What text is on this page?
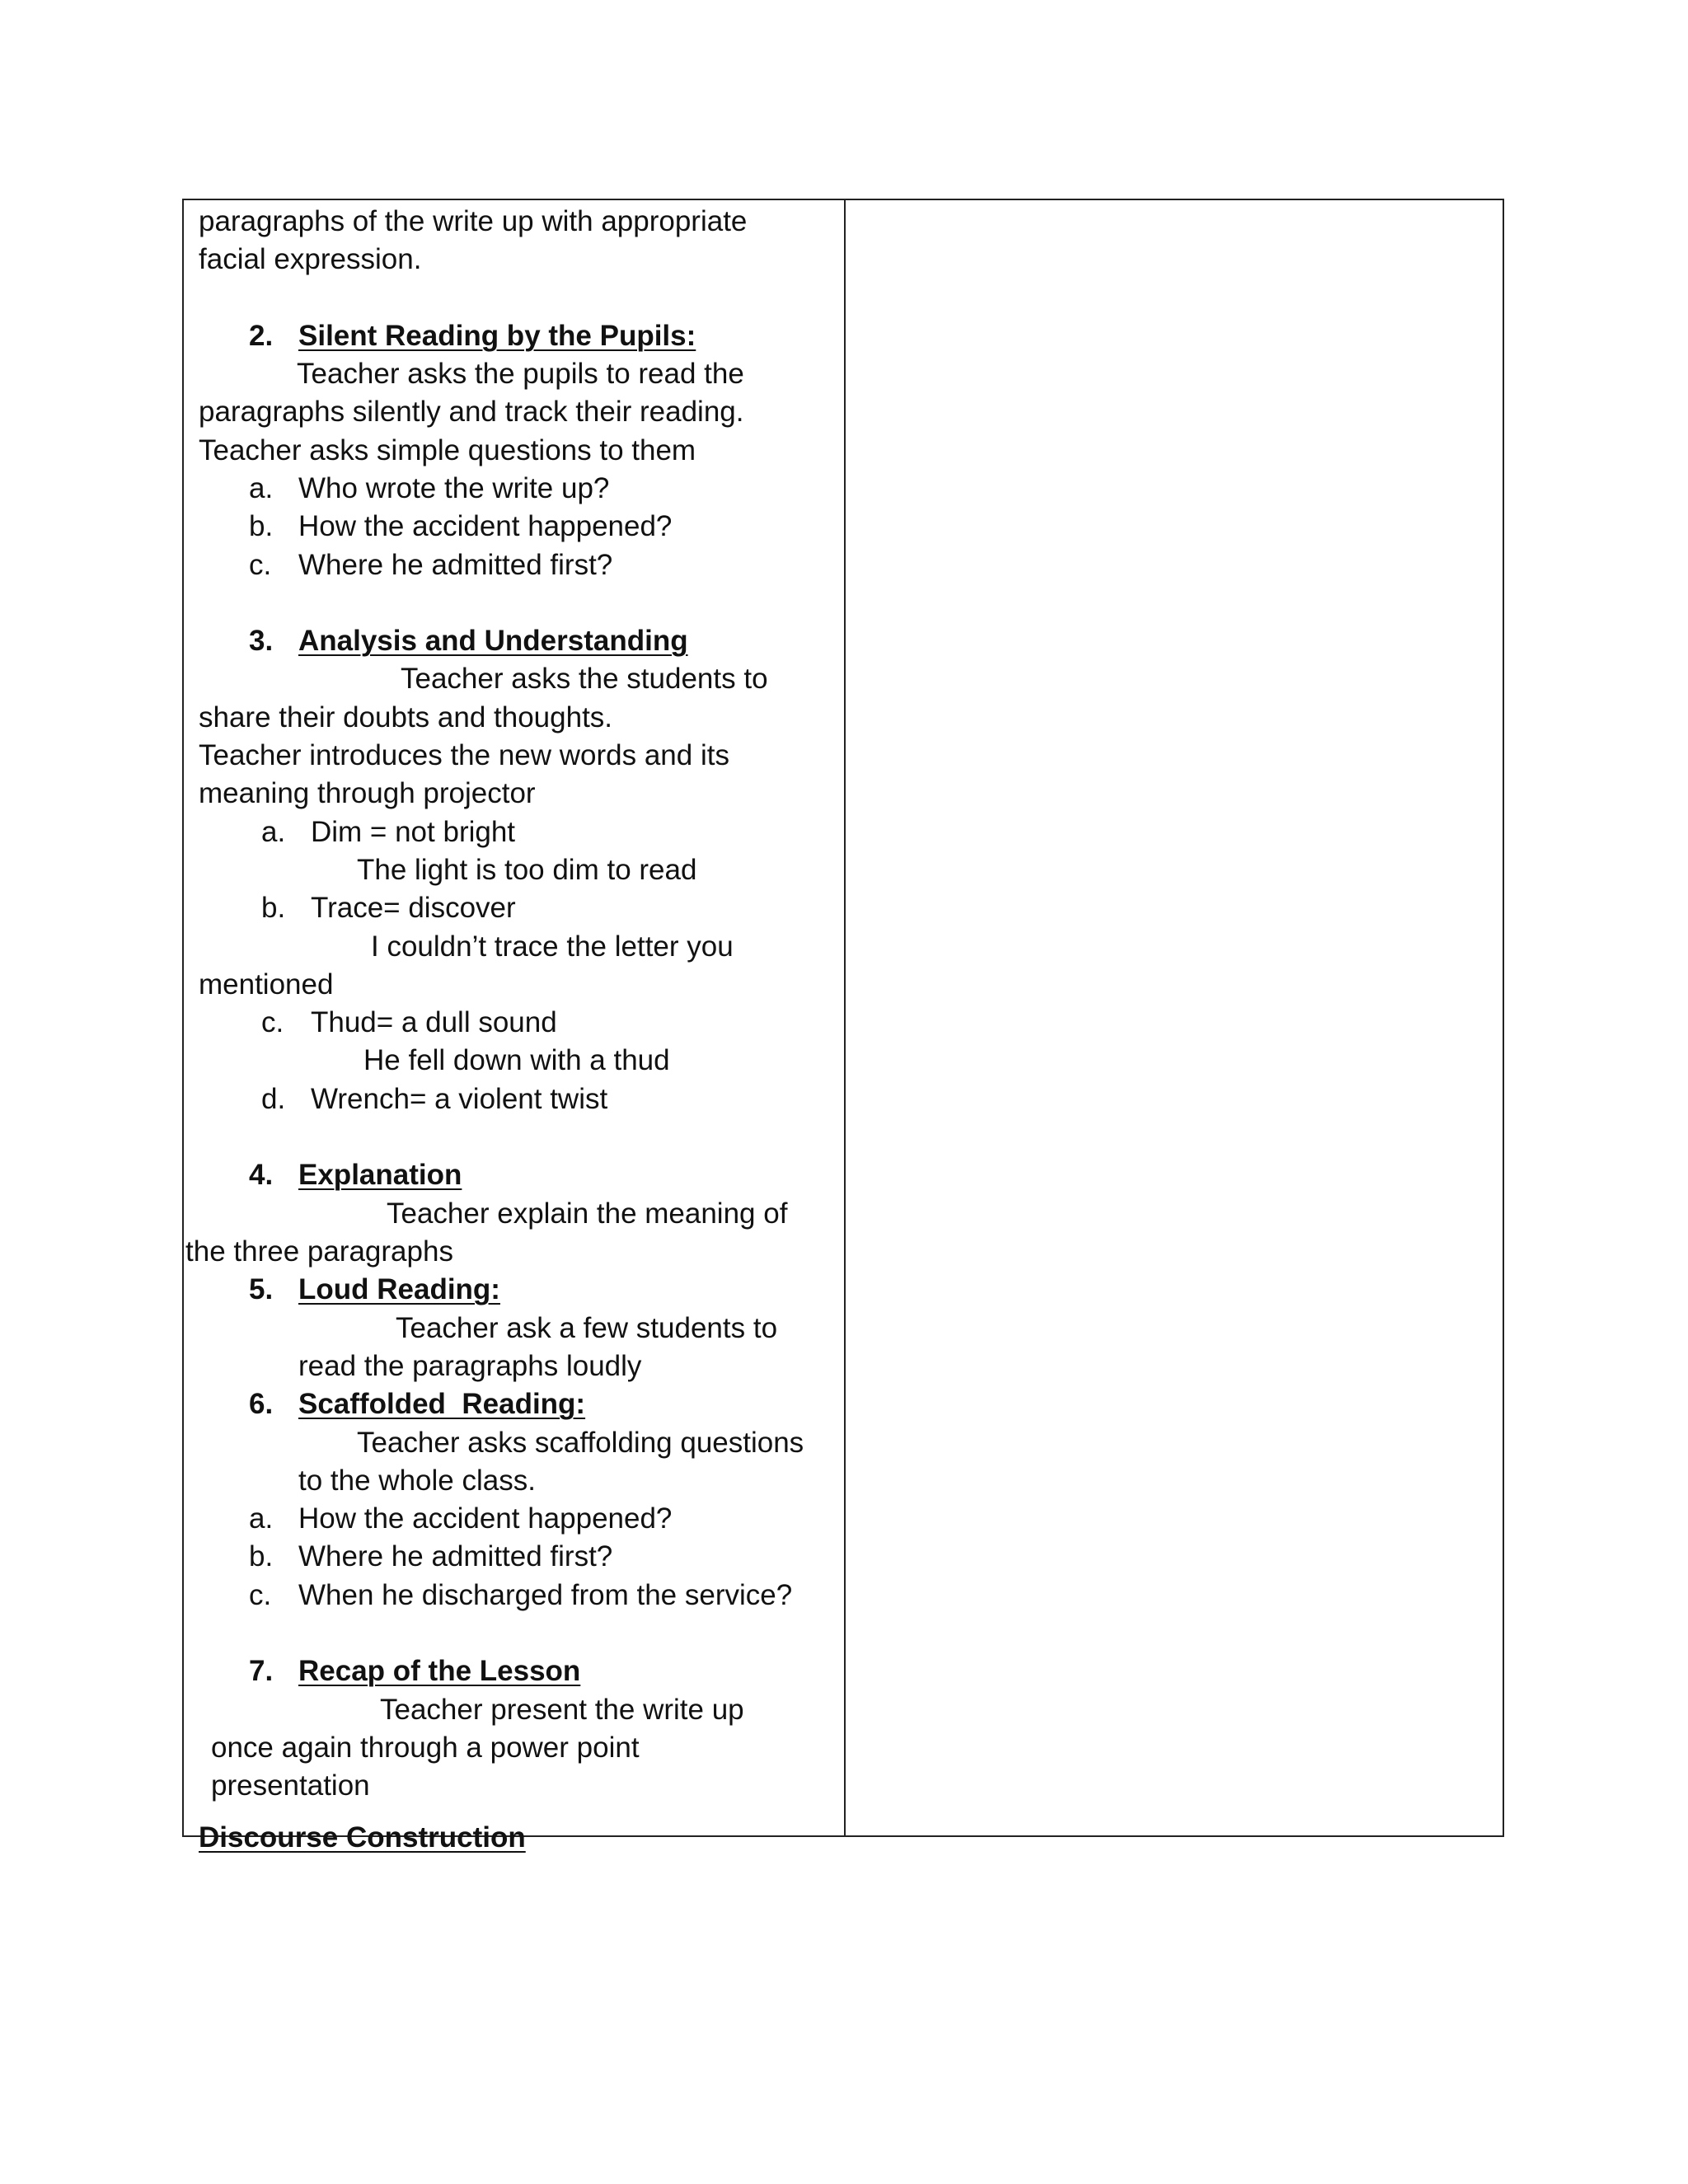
paragraphs of the write up with appropriate
facial expression.
2. Silent Reading by the Pupils:
Teacher asks the pupils to read the
paragraphs silently and track their reading.
Teacher asks simple questions to them
a. Who wrote the write up?
b. How the accident happened?
c. Where he admitted first?
3. Analysis and Understanding
Teacher asks the students to
share their doubts and thoughts.
Teacher introduces the new words and its
meaning through projector
a. Dim = not bright
The light is too dim to read
b. Trace= discover
I couldn’t trace the letter you
mentioned
c. Thud= a dull sound
He fell down with a thud
d. Wrench= a violent twist
4. Explanation
Teacher explain the meaning of
the three paragraphs
5. Loud Reading:
Teacher ask a few students to
read the paragraphs loudly
6. Scaffolded  Reading:
Teacher asks scaffolding questions
to the whole class.
a. How the accident happened?
b. Where he admitted first?
c. When he discharged from the service?
7. Recap of the Lesson
Teacher present the write up
once again through a power point
presentation
Discourse Construction
